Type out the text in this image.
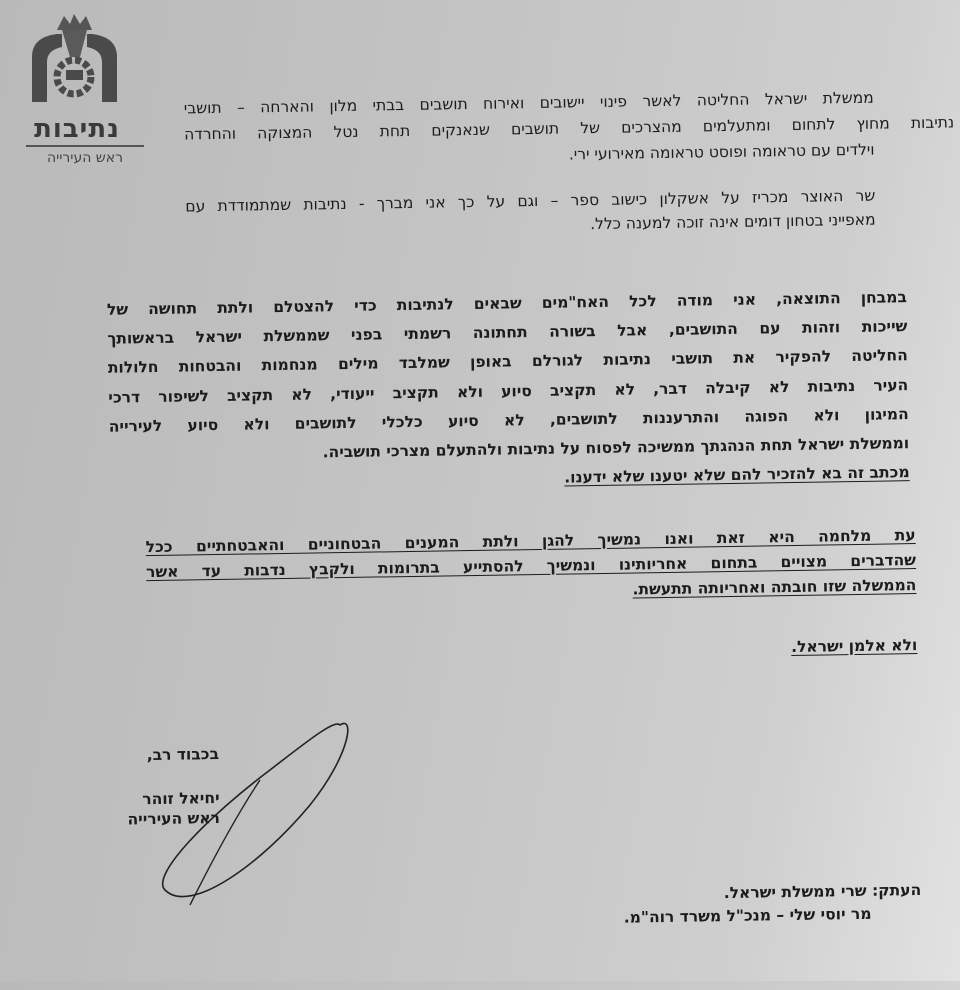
נתיבות
ראש העירייה
ממשלת ישראל החליטה לאשר פינוי יישובים ואירוח תושבים בבתי מלון והארחה – תושבי
נתיבות מחוץ לתחום ומתעלמים מהצרכים של תושבים שנאנקים תחת נטל המצוקה והחרדה
וילדים עם טראומה ופוסט טראומה מאירועי ירי.
שר האוצר מכריז על אשקלון כישוב ספר – וגם על כך אני מברך - נתיבות שמתמודדת עם
מאפייני בטחון דומים אינה זוכה למענה כלל.
במבחן התוצאה, אני מודה לכל האח"מים שבאים לנתיבות כדי להצטלם ולתת תחושה של
שייכות וזהות עם התושבים, אבל בשורה תחתונה רשמתי בפני שממשלת ישראל בראשותך
החליטה להפקיר את תושבי נתיבות לגורלם באופן שמלבד מילים מנחמות והבטחות חלולות
העיר נתיבות לא קיבלה דבר, לא תקציב סיוע ולא תקציב ייעודי, לא תקציב לשיפור דרכי
המיגון ולא הפוגה והתרעננות לתושבים, לא סיוע כלכלי לתושבים ולא סיוע לעירייה
וממשלת ישראל תחת הנהגתך ממשיכה לפסוח על נתיבות ולהתעלם מצרכי תושביה.
מכתב זה בא להזכיר להם שלא יטענו שלא ידענו.
עת מלחמה היא זאת ואנו נמשיך להגן ולתת המענים הבטחוניים והאבטחתיים ככל
שהדברים מצויים בתחום אחריותינו ונמשיך להסתייע בתרומות ולקבץ נדבות עד אשר
הממשלה שזו חובתה ואחריותה תתעשת.
ולא אלמן ישראל.
בכבוד רב,
יחיאל זוהר
ראש העירייה
העתק: שרי ממשלת ישראל.
מר יוסי שלי – מנכ"ל משרד רוה"מ.
